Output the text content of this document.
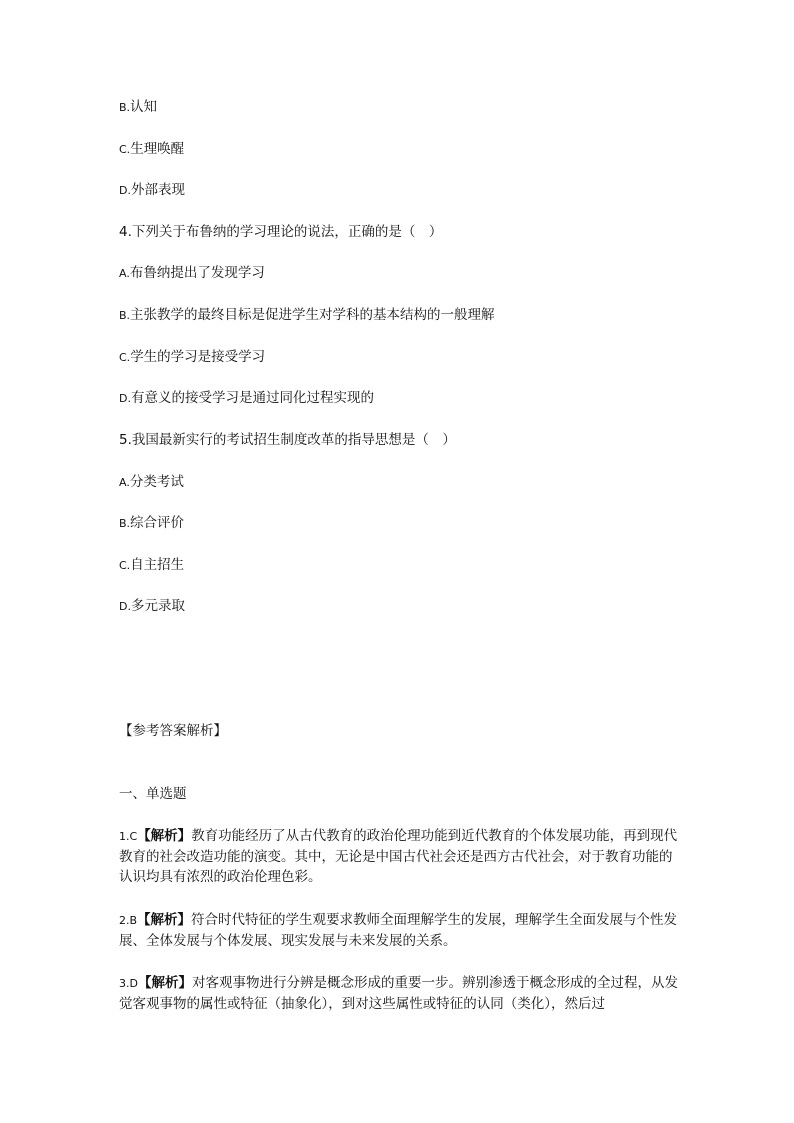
B.认知
C.生理唤醒
D.外部表现
4.下列关于布鲁纳的学习理论的说法，正确的是（　）
A.布鲁纳提出了发现学习
B.主张教学的最终目标是促进学生对学科的基本结构的一般理解
C.学生的学习是接受学习
D.有意义的接受学习是通过同化过程实现的
5.我国最新实行的考试招生制度改革的指导思想是（　）
A.分类考试
B.综合评价
C.自主招生
D.多元录取
【参考答案解析】
一、单选题
1.C【解析】教育功能经历了从古代教育的政治伦理功能到近代教育的个体发展功能，再到现代教育的社会改造功能的演变。其中，无论是中国古代社会还是西方古代社会，对于教育功能的认识均具有浓烈的政治伦理色彩。
2.B【解析】符合时代特征的学生观要求教师全面理解学生的发展，理解学生全面发展与个性发展、全体发展与个体发展、现实发展与未来发展的关系。
3.D【解析】对客观事物进行分辨是概念形成的重要一步。辨别渗透于概念形成的全过程，从发觉客观事物的属性或特征（抽象化），到对这些属性或特征的认同（类化），然后过
